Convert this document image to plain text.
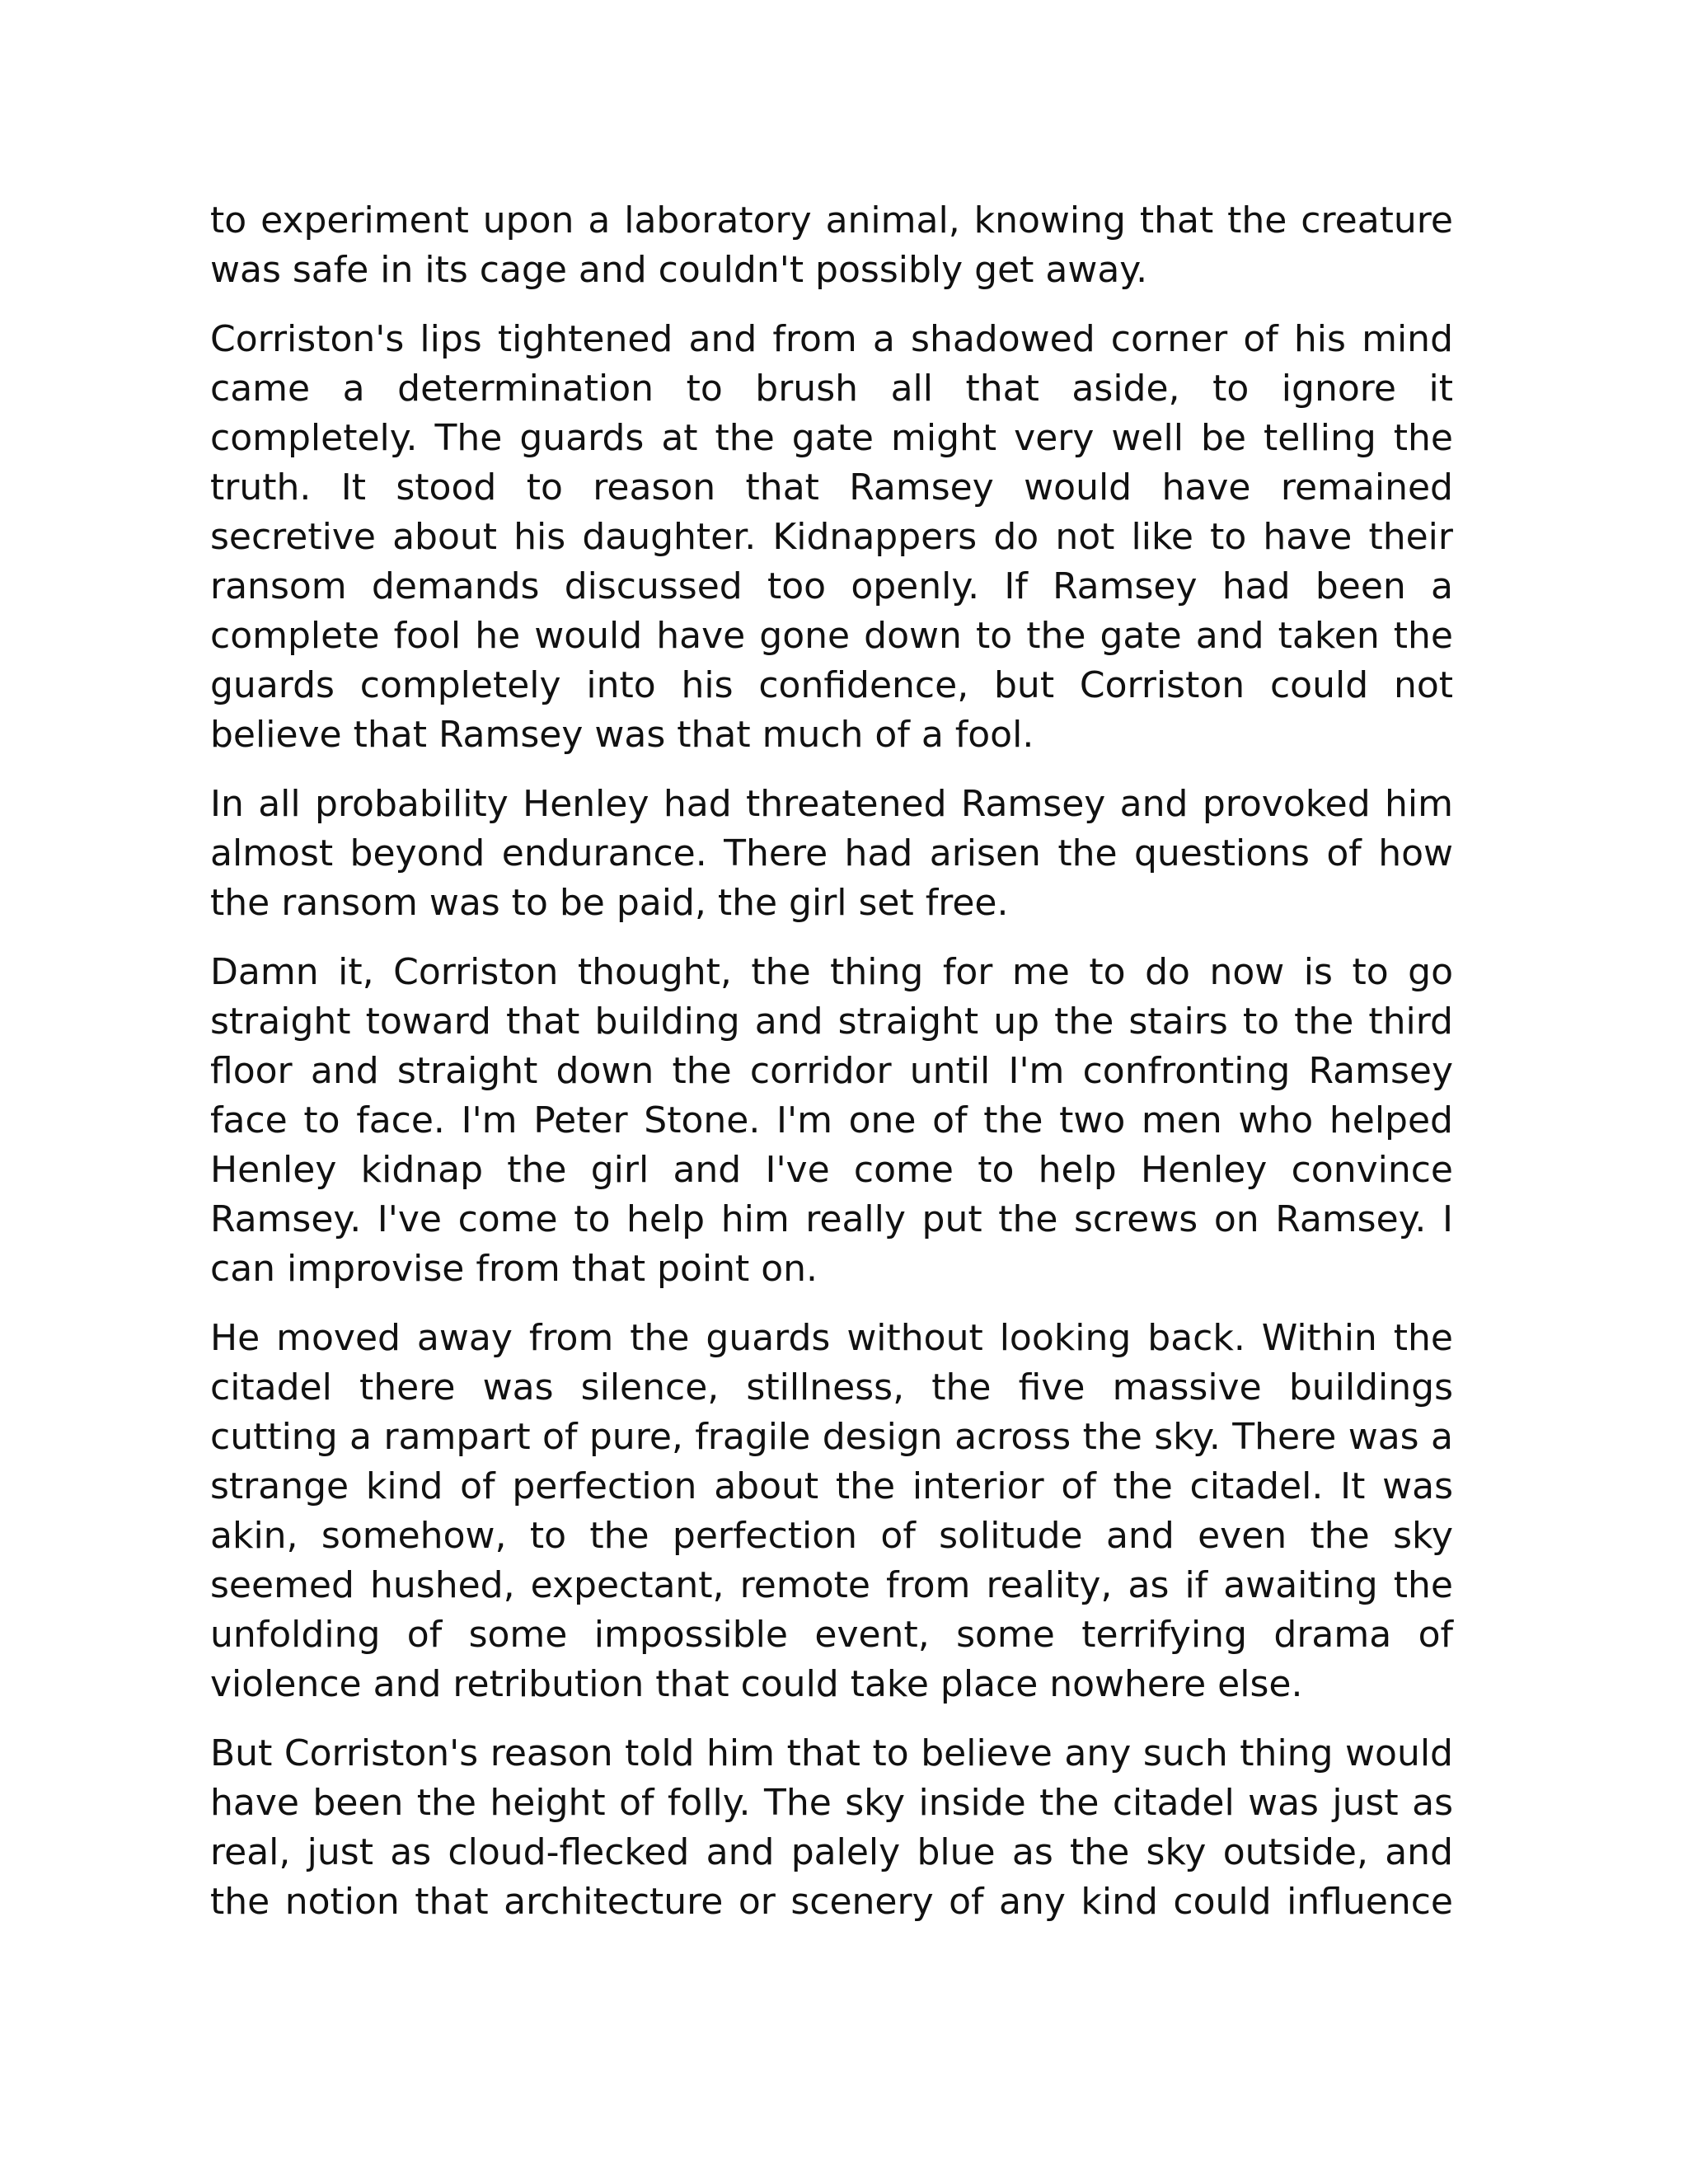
to experiment upon a laboratory animal, knowing that the creature was safe in its cage and couldn't possibly get away.

Corriston's lips tightened and from a shadowed corner of his mind came a determination to brush all that aside, to ignore it completely. The guards at the gate might very well be telling the truth. It stood to reason that Ramsey would have remained secretive about his daughter. Kidnappers do not like to have their ransom demands discussed too openly. If Ramsey had been a complete fool he would have gone down to the gate and taken the guards completely into his confidence, but Corriston could not believe that Ramsey was that much of a fool.

In all probability Henley had threatened Ramsey and provoked him almost beyond endurance. There had arisen the questions of how the ransom was to be paid, the girl set free.

Damn it, Corriston thought, the thing for me to do now is to go straight toward that building and straight up the stairs to the third floor and straight down the corridor until I'm confronting Ramsey face to face. I'm Peter Stone. I'm one of the two men who helped Henley kidnap the girl and I've come to help Henley convince Ramsey. I've come to help him really put the screws on Ramsey. I can improvise from that point on.

He moved away from the guards without looking back. Within the citadel there was silence, stillness, the five massive buildings cutting a rampart of pure, fragile design across the sky. There was a strange kind of perfection about the interior of the citadel. It was akin, somehow, to the perfection of solitude and even the sky seemed hushed, expectant, remote from reality, as if awaiting the unfolding of some impossible event, some terrifying drama of violence and retribution that could take place nowhere else.

But Corriston's reason told him that to believe any such thing would have been the height of folly. The sky inside the citadel was just as real, just as cloud-flecked and palely blue as the sky outside, and the notion that architecture or scenery of any kind could influence
